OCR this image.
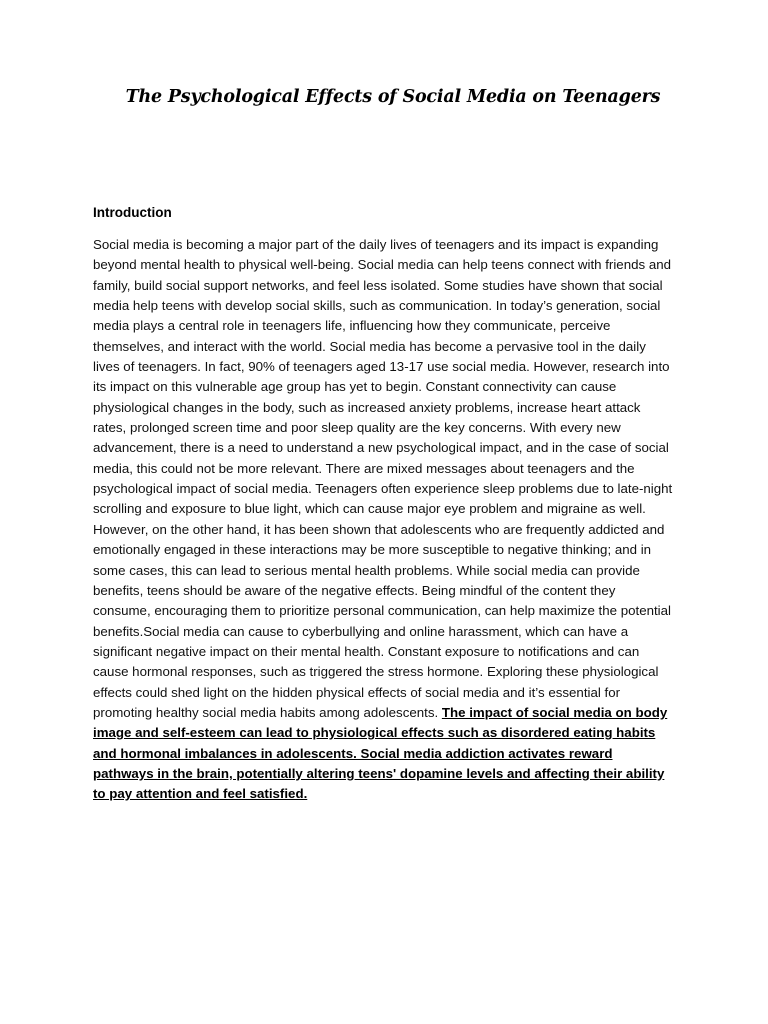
The Psychological Effects of Social Media on Teenagers
Introduction

Social media is becoming a major part of the daily lives of teenagers and its impact is expanding beyond mental health to physical well-being. Social media can help teens connect with friends and family, build social support networks, and feel less isolated. Some studies have shown that social media help teens with develop social skills, such as communication. In today’s generation, social media plays a central role in teenagers life, influencing how they communicate, perceive themselves, and interact with the world. Social media has become a pervasive tool in the daily lives of teenagers. In fact, 90% of teenagers aged 13-17 use social media. However, research into its impact on this vulnerable age group has yet to begin. Constant connectivity can cause physiological changes in the body, such as increased anxiety problems, increase heart attack rates, prolonged screen time and poor sleep quality are the key concerns. With every new advancement, there is a need to understand a new psychological impact, and in the case of social media, this could not be more relevant. There are mixed messages about teenagers and the psychological impact of social media. Teenagers often experience sleep problems due to late-night scrolling and exposure to blue light, which can cause major eye problem and migraine as well. However, on the other hand, it has been shown that adolescents who are frequently addicted and emotionally engaged in these interactions may be more susceptible to negative thinking; and in some cases, this can lead to serious mental health problems. While social media can provide benefits, teens should be aware of the negative effects. Being mindful of the content they consume, encouraging them to prioritize personal communication, can help maximize the potential benefits.Social media can cause to cyberbullying and online harassment, which can have a significant negative impact on their mental health. Constant exposure to notifications and can cause hormonal responses, such as triggered the stress hormone. Exploring these physiological effects could shed light on the hidden physical effects of social media and it’s essential for promoting healthy social media habits among adolescents. The impact of social media on body image and self-esteem can lead to physiological effects such as disordered eating habits and hormonal imbalances in adolescents. Social media addiction activates reward pathways in the brain, potentially altering teens' dopamine levels and affecting their ability to pay attention and feel satisfied.
